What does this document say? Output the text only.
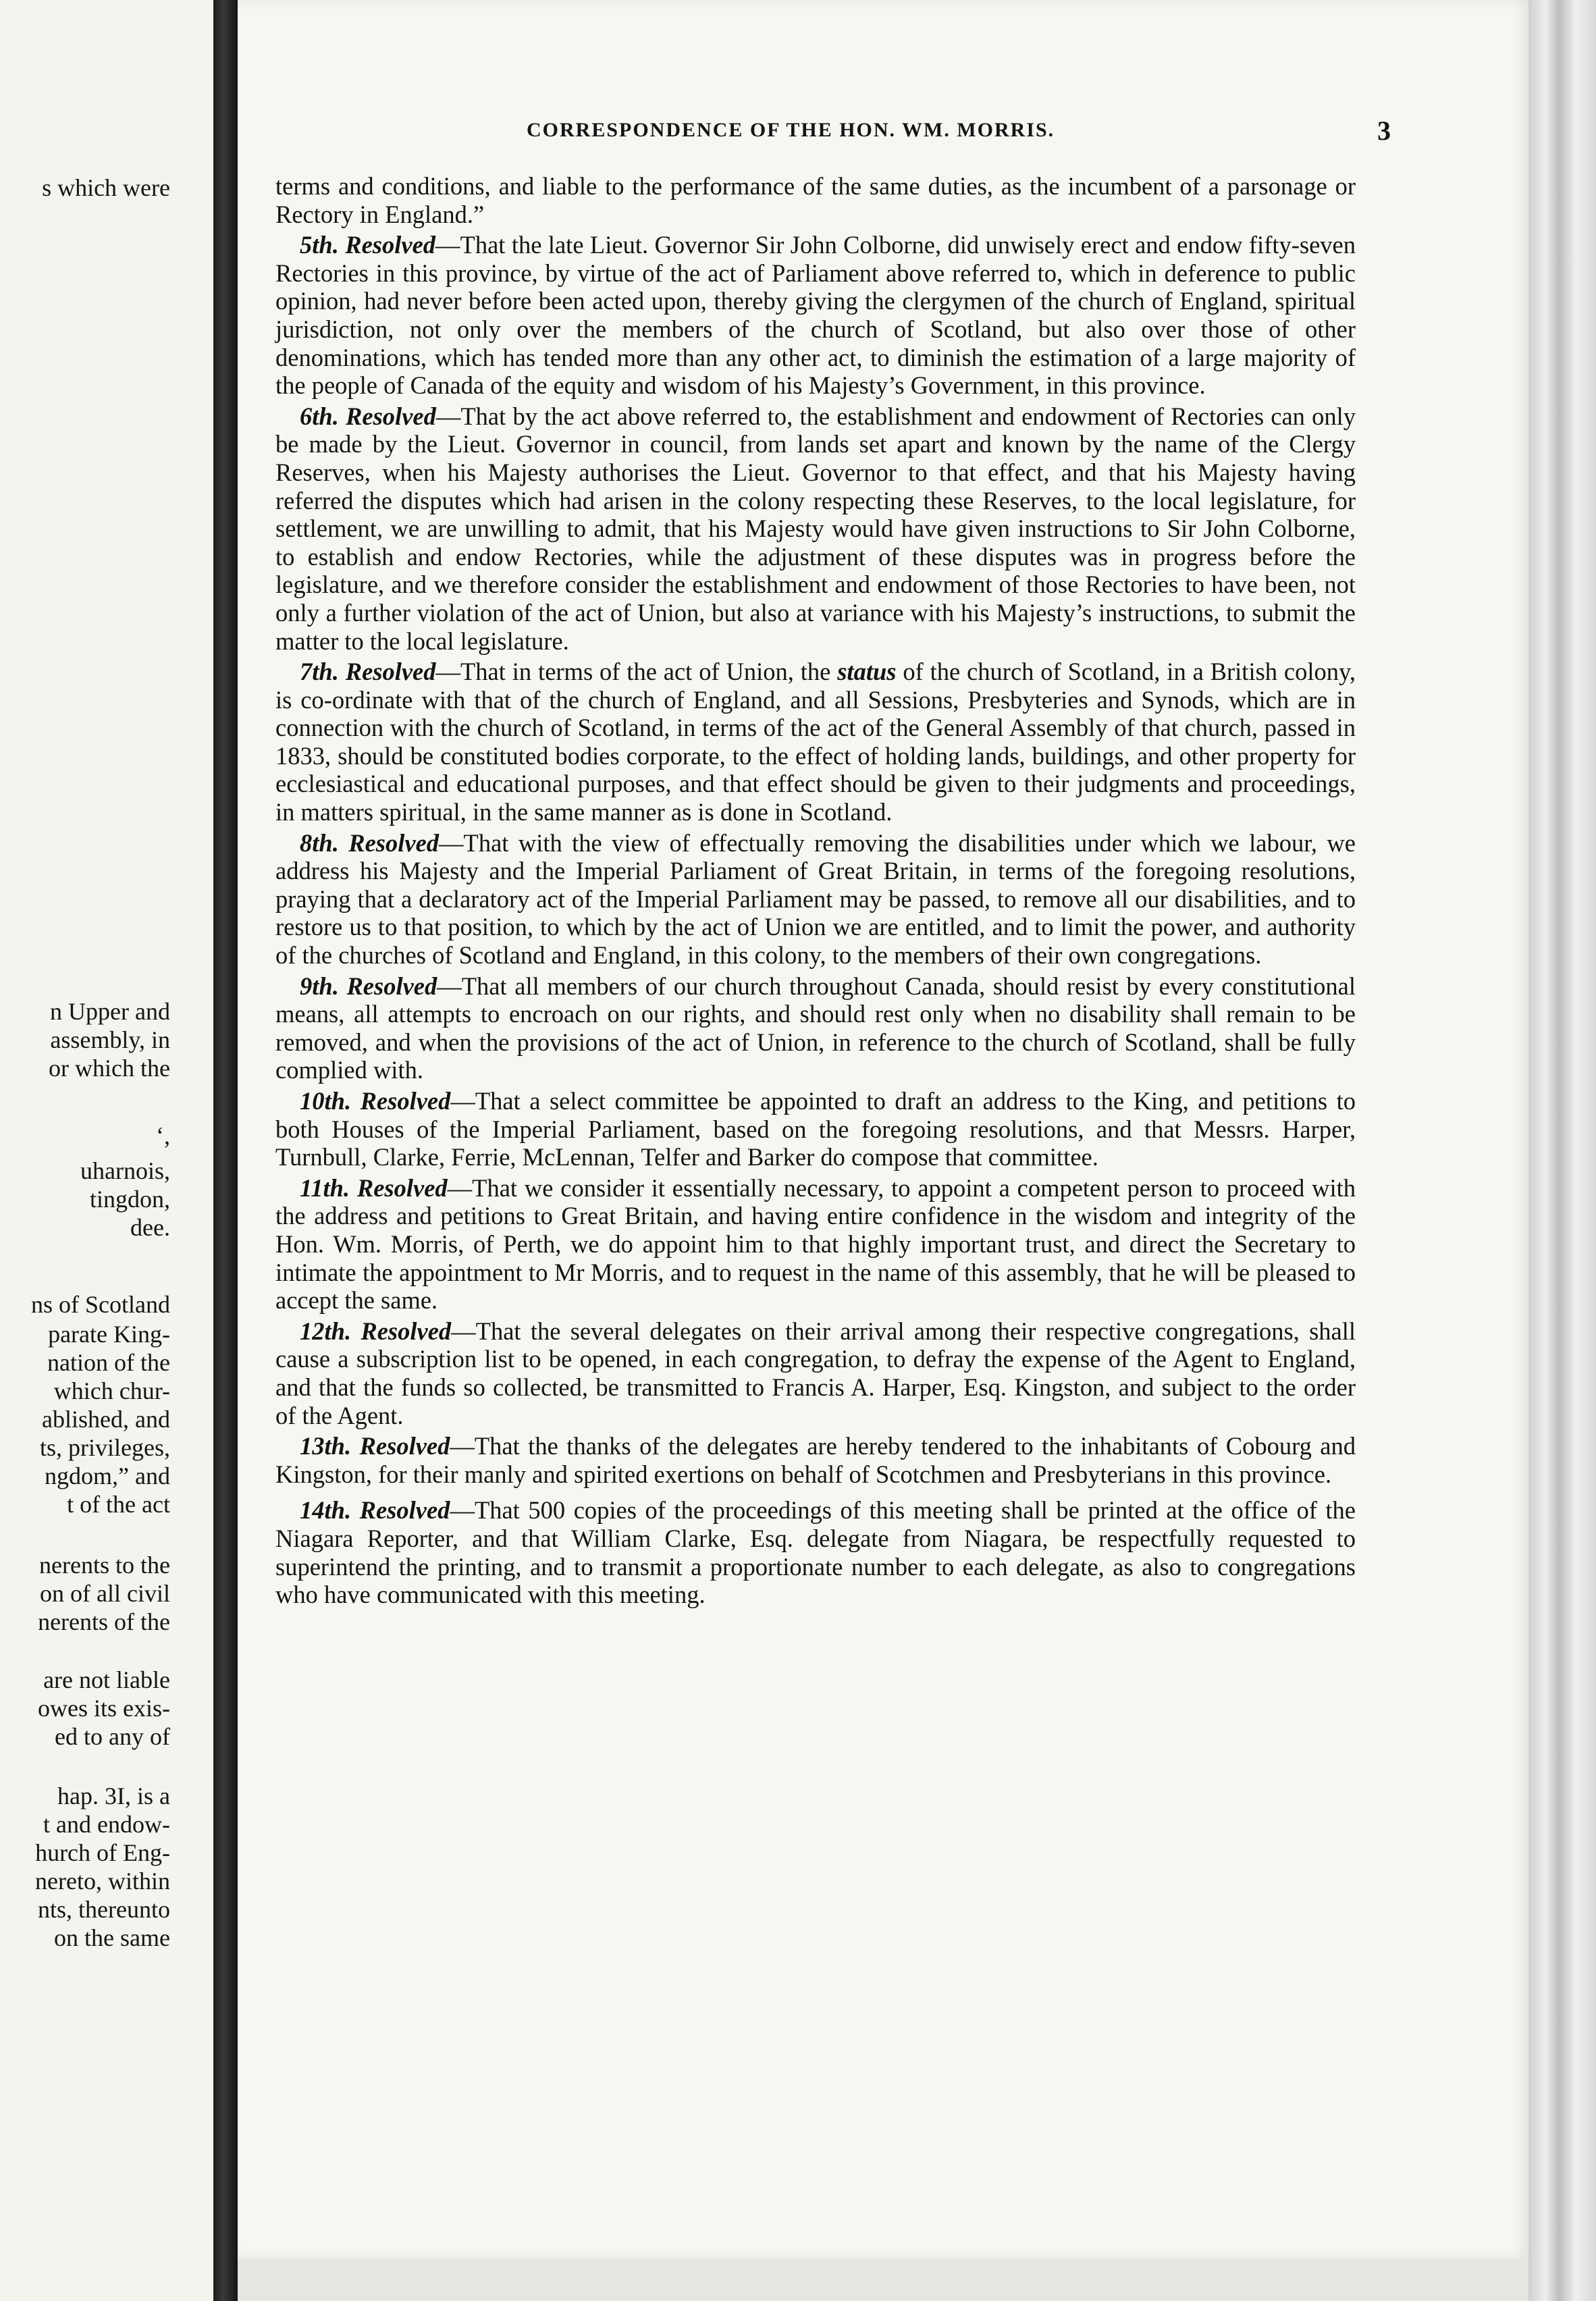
s which were
n Upper and
assembly, in
or which the
‘,
uharnois,
tingdon,
dee.
ns of Scotland
parate King-
nation of the
which chur-
ablished, and
ts, privileges,
ngdom,” and
t of the act
nerents to the
on of all civil
nerents of the
are not liable
owes its exis-
ed to any of
hap. 3I, is a
t and endow-
hurch of Eng-
nereto, within
nts, thereunto
on the same
CORRESPONDENCE OF THE HON. WM. MORRIS.	3

terms and conditions, and liable to the performance of the same duties, as the incumbent of a parsonage or Rectory in England.”

5th. Resolved—That the late Lieut. Governor Sir John Colborne, did unwisely erect and endow fifty-seven Rectories in this province, by virtue of the act of Parliament above referred to, which in deference to public opinion, had never before been acted upon, thereby giving the clergymen of the church of England, spiritual jurisdiction, not only over the members of the church of Scotland, but also over those of other denominations, which has tended more than any other act, to diminish the estimation of a large majority of the people of Canada of the equity and wisdom of his Majesty’s Government, in this province.

6th. Resolved—That by the act above referred to, the establishment and endowment of Rectories can only be made by the Lieut. Governor in council, from lands set apart and known by the name of the Clergy Reserves, when his Majesty authorises the Lieut. Governor to that effect, and that his Majesty having referred the disputes which had arisen in the colony respecting these Reserves, to the local legislature, for settlement, we are unwilling to admit, that his Majesty would have given instructions to Sir John Colborne, to establish and endow Rectories, while the adjustment of these disputes was in progress before the legislature, and we therefore consider the establishment and endowment of those Rectories to have been, not only a further violation of the act of Union, but also at variance with his Majesty’s instructions, to submit the matter to the local legislature.

7th. Resolved—That in terms of the act of Union, the status of the church of Scotland, in a British colony, is co-ordinate with that of the church of England, and all Sessions, Presbyteries and Synods, which are in connection with the church of Scotland, in terms of the act of the General Assembly of that church, passed in 1833, should be constituted bodies corporate, to the effect of holding lands, buildings, and other property for ecclesiastical and educational purposes, and that effect should be given to their judgments and proceedings, in matters spiritual, in the same manner as is done in Scotland.

8th. Resolved—That with the view of effectually removing the disabilities under which we labour, we address his Majesty and the Imperial Parliament of Great Britain, in terms of the foregoing resolutions, praying that a declaratory act of the Imperial Parliament may be passed, to remove all our disabilities, and to restore us to that position, to which by the act of Union we are entitled, and to limit the power, and authority of the churches of Scotland and England, in this colony, to the members of their own congregations.

9th. Resolved—That all members of our church throughout Canada, should resist by every constitutional means, all attempts to encroach on our rights, and should rest only when no disability shall remain to be removed, and when the provisions of the act of Union, in reference to the church of Scotland, shall be fully complied with.

10th. Resolved—That a select committee be appointed to draft an address to the King, and petitions to both Houses of the Imperial Parliament, based on the foregoing resolutions, and that Messrs. Harper, Turnbull, Clarke, Ferrie, McLennan, Telfer and Barker do compose that committee.

11th. Resolved—That we consider it essentially necessary, to appoint a competent person to proceed with the address and petitions to Great Britain, and having entire confidence in the wisdom and integrity of the Hon. Wm. Morris, of Perth, we do appoint him to that highly important trust, and direct the Secretary to intimate the appointment to Mr Morris, and to request in the name of this assembly, that he will be pleased to accept the same.

12th. Resolved—That the several delegates on their arrival among their respective congregations, shall cause a subscription list to be opened, in each congregation, to defray the expense of the Agent to England, and that the funds so collected, be transmitted to Francis A. Harper, Esq. Kingston, and subject to the order of the Agent.

13th. Resolved—That the thanks of the delegates are hereby tendered to the inhabitants of Cobourg and Kingston, for their manly and spirited exertions on behalf of Scotchmen and Presbyterians in this province.

14th. Resolved—That 500 copies of the proceedings of this meeting shall be printed at the office of the Niagara Reporter, and that William Clarke, Esq. delegate from Niagara, be respectfully requested to superintend the printing, and to transmit a proportionate number to each delegate, as also to congregations who have communicated with this meeting.
